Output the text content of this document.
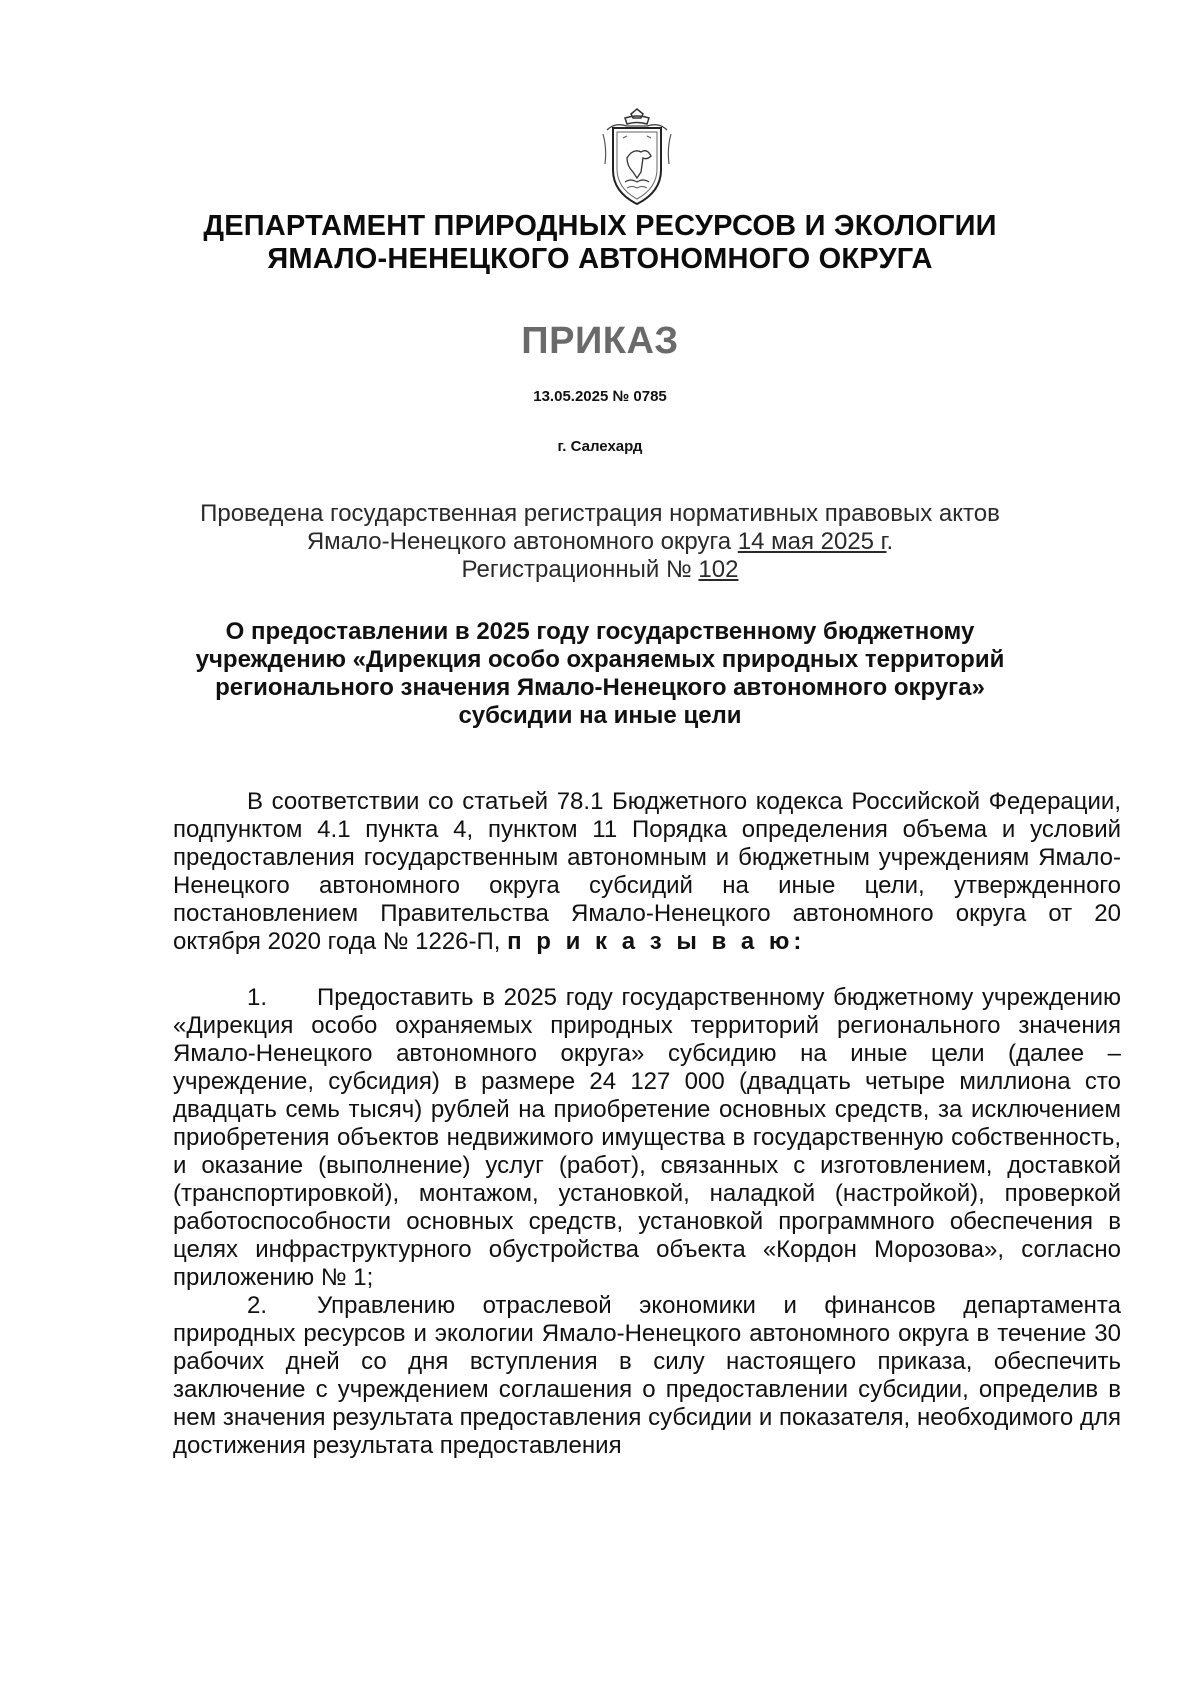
ДЕПАРТАМЕНТ ПРИРОДНЫХ РЕСУРСОВ И ЭКОЛОГИИ
ЯМАЛО-НЕНЕЦКОГО АВТОНОМНОГО ОКРУГА
ПРИКАЗ
13.05.2025 № 0785
г. Салехард
Проведена государственная регистрация нормативных правовых актов
Ямало-Ненецкого автономного округа 14 мая 2025 г.
Регистрационный № 102
О предоставлении в 2025 году государственному бюджетному
учреждению «Дирекция особо охраняемых природных территорий
регионального значения Ямало-Ненецкого автономного округа»
субсидии на иные цели

В соответствии со статьей 78.1 Бюджетного кодекса Российской Федерации, подпунктом 4.1 пункта 4, пунктом 11 Порядка определения объема и условий предоставления государственным автономным и бюджетным учреждениям Ямало-Ненецкого автономного округа субсидий на иные цели, утвержденного постановлением Правительства Ямало-Ненецкого автономного округа от 20 октября 2020 года № 1226-П, п р и к а з ы в а ю:

1. Предоставить в 2025 году государственному бюджетному учреждению «Дирекция особо охраняемых природных территорий регионального значения Ямало-Ненецкого автономного округа» субсидию на иные цели (далее – учреждение, субсидия) в размере 24 127 000 (двадцать четыре миллиона сто двадцать семь тысяч) рублей на приобретение основных средств, за исключением приобретения объектов недвижимого имущества в государственную собственность, и оказание (выполнение) услуг (работ), связанных с изготовлением, доставкой (транспортировкой), монтажом, установкой, наладкой (настройкой), проверкой работоспособности основных средств, установкой программного обеспечения в целях инфраструктурного обустройства объекта «Кордон Морозова», согласно приложению № 1;

2. Управлению отраслевой экономики и финансов департамента природных ресурсов и экологии Ямало-Ненецкого автономного округа в течение 30 рабочих дней со дня вступления в силу настоящего приказа, обеспечить заключение с учреждением соглашения о предоставлении субсидии, определив в нем значения результата предоставления субсидии и показателя, необходимого для достижения результата предоставления
